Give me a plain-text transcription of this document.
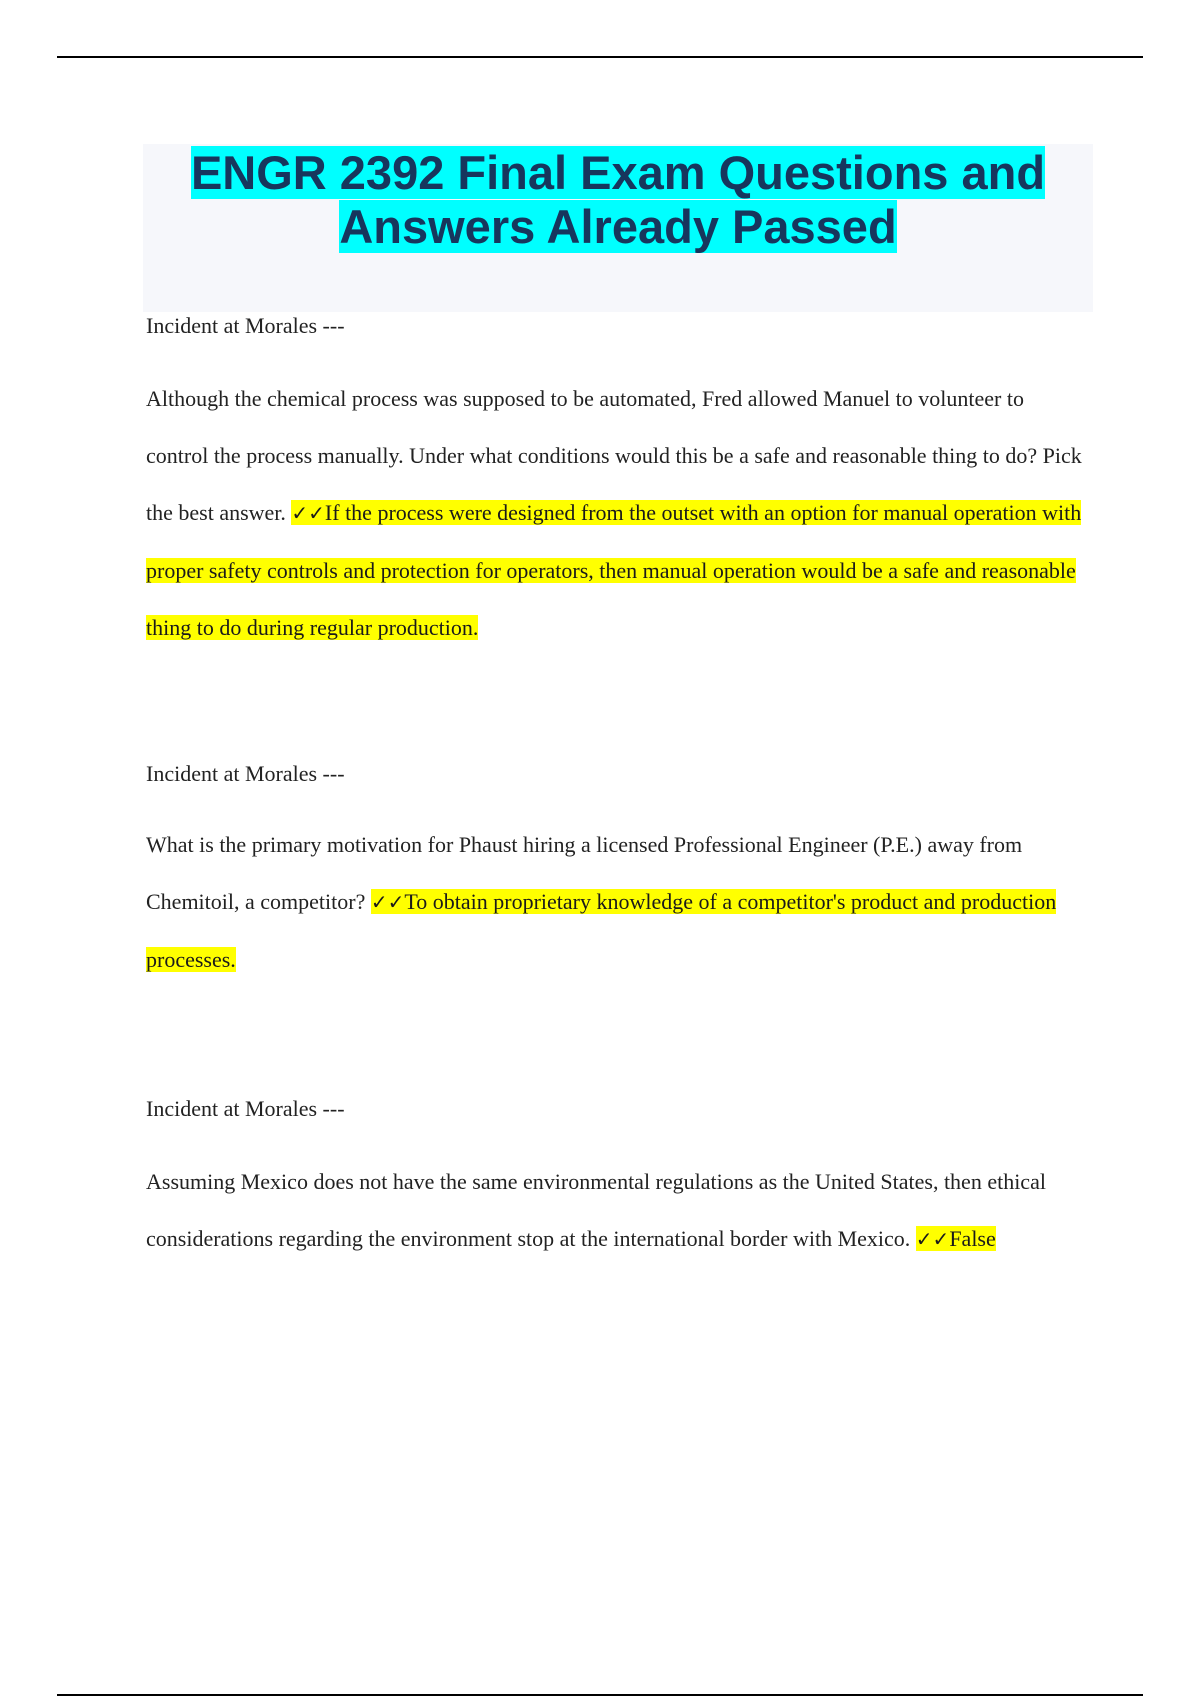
ENGR 2392 Final Exam Questions and
Answers Already Passed

Incident at Morales ---

Although the chemical process was supposed to be automated, Fred allowed Manuel to volunteer to control the process manually. Under what conditions would this be a safe and reasonable thing to do? Pick the best answer. ✓✓If the process were designed from the outset with an option for manual operation with proper safety controls and protection for operators, then manual operation would be a safe and reasonable thing to do during regular production.

Incident at Morales ---

What is the primary motivation for Phaust hiring a licensed Professional Engineer (P.E.) away from Chemitoil, a competitor? ✓✓To obtain proprietary knowledge of a competitor's product and production processes.

Incident at Morales ---

Assuming Mexico does not have the same environmental regulations as the United States, then ethical considerations regarding the environment stop at the international border with Mexico. ✓✓False
